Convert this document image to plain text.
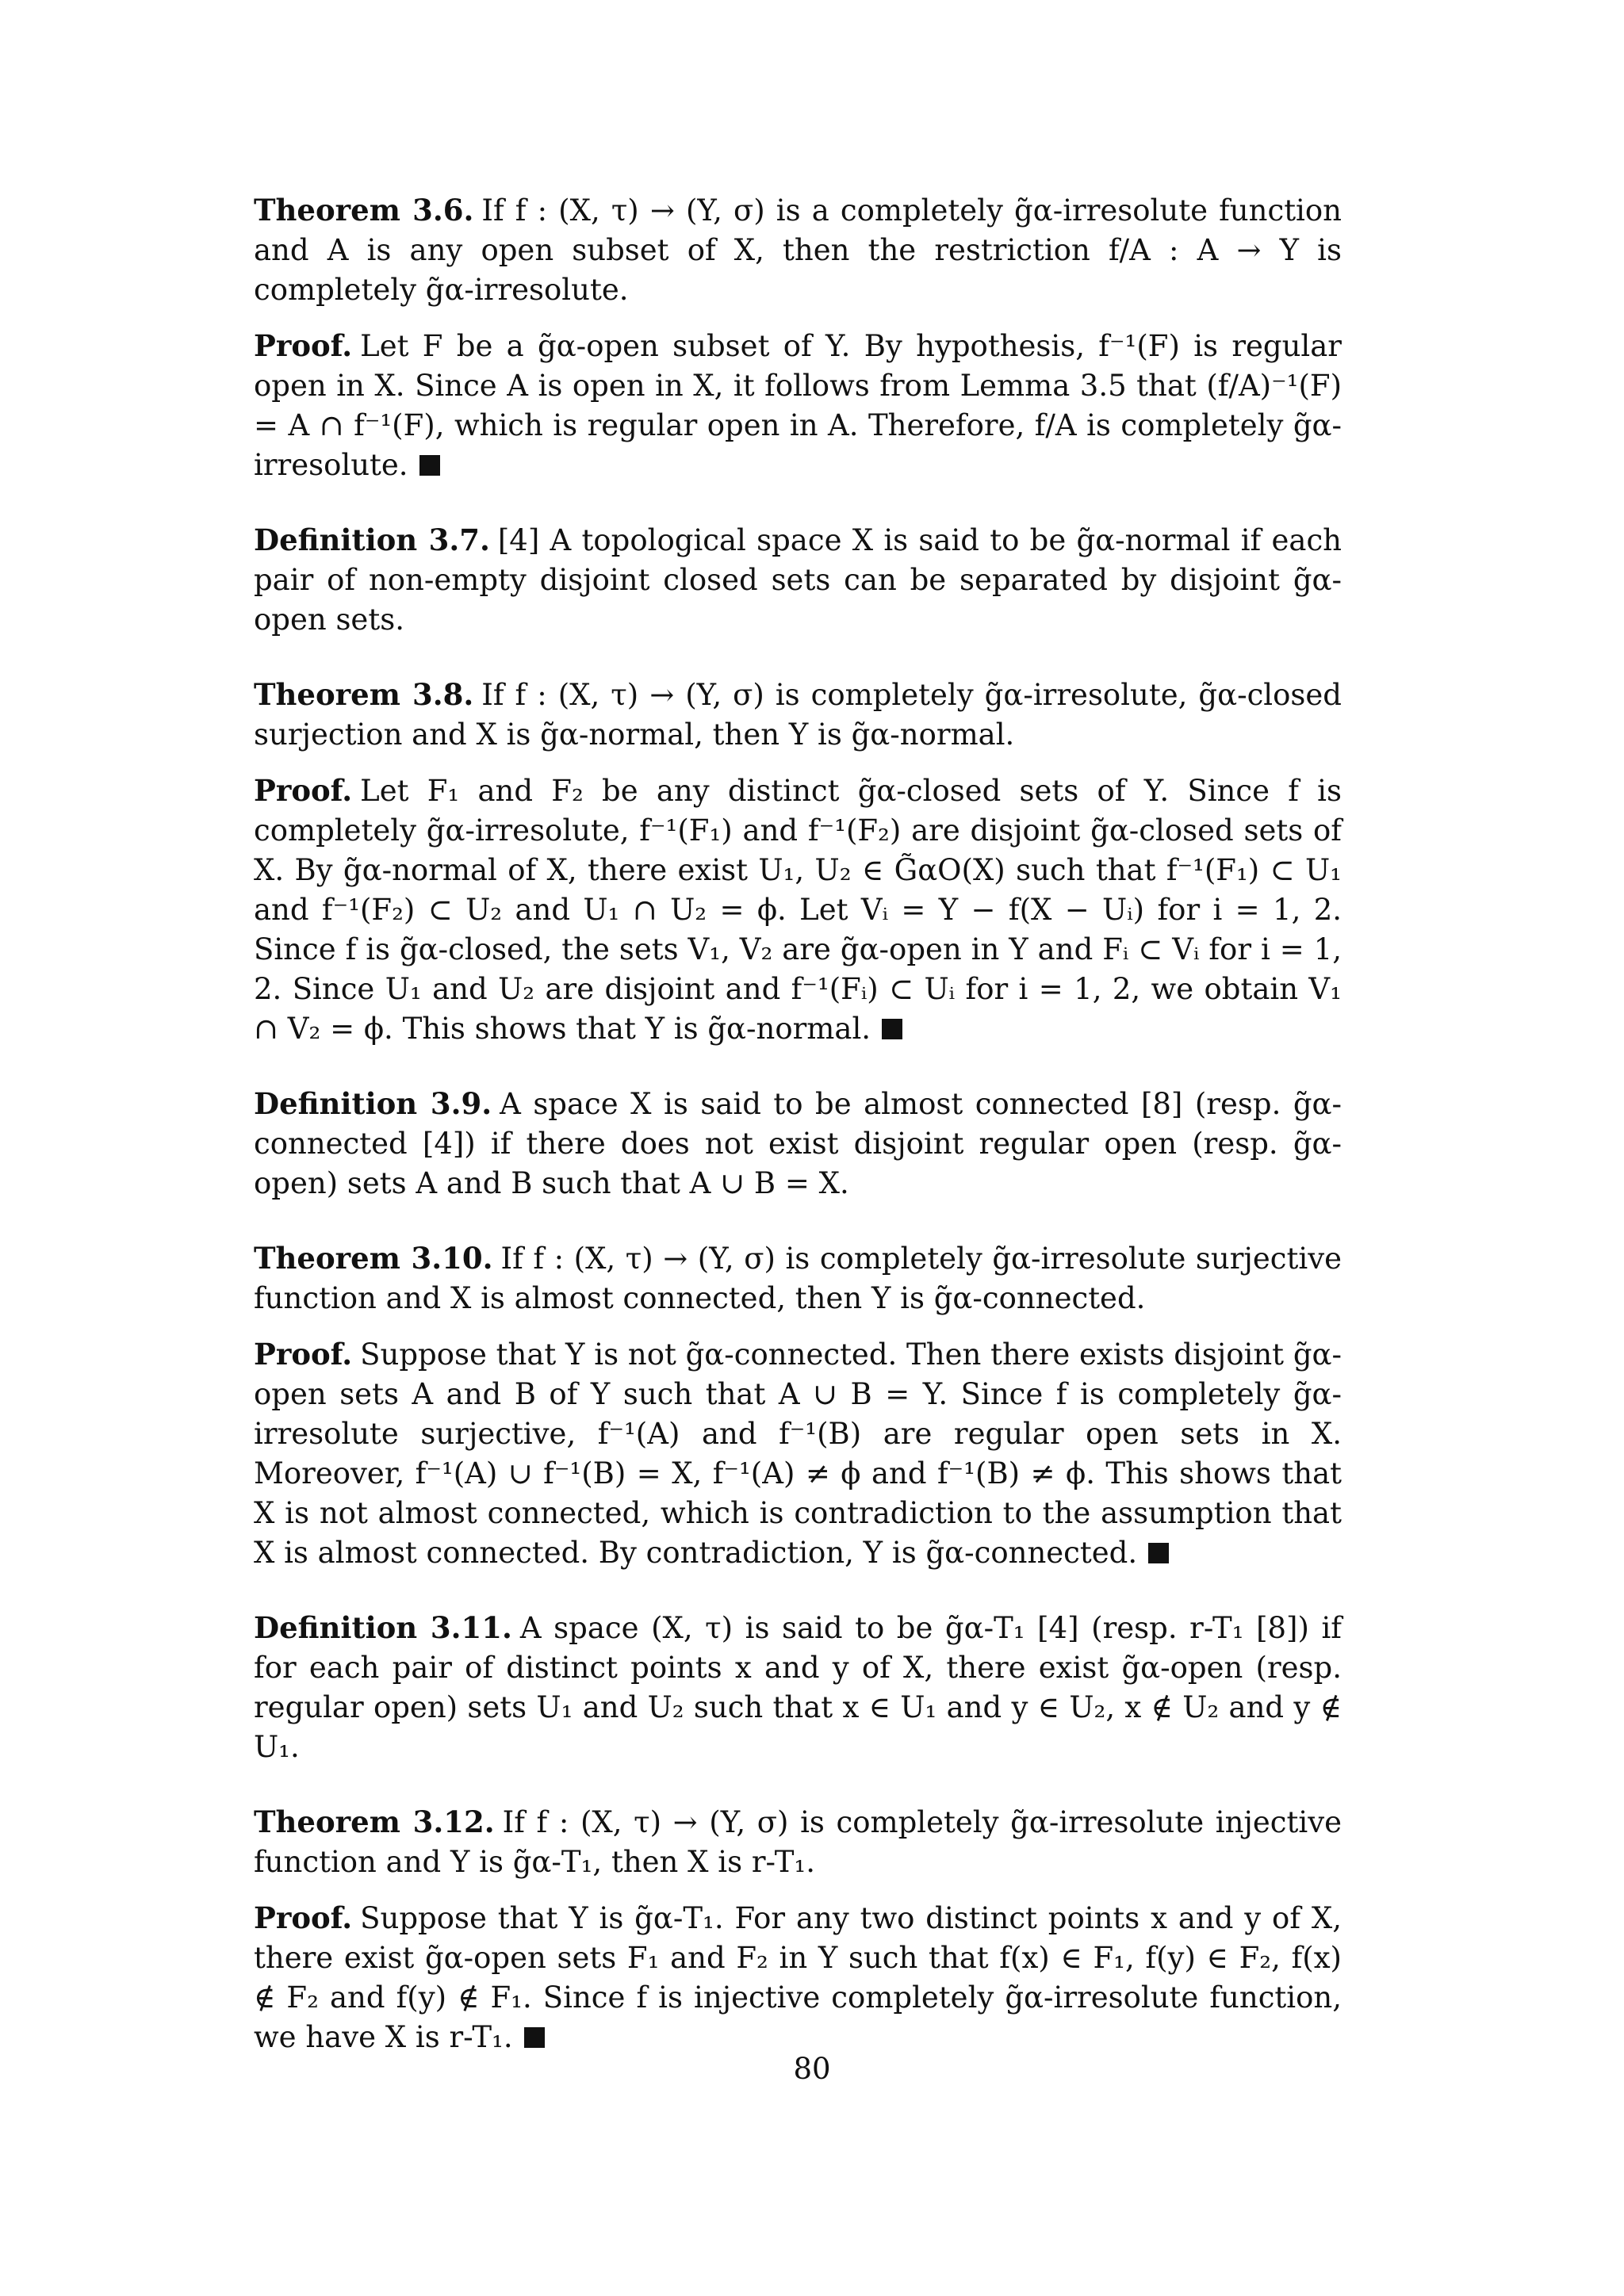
Theorem 3.6. If f : (X, τ) → (Y, σ) is a completely g̃α-irresolute function and A is any open subset of X, then the restriction f/A : A → Y is completely g̃α-irresolute.

Proof. Let F be a g̃α-open subset of Y. By hypothesis, f⁻¹(F) is regular open in X. Since A is open in X, it follows from Lemma 3.5 that (f/A)⁻¹(F) = A ∩ f⁻¹(F), which is regular open in A. Therefore, f/A is completely g̃α-irresolute.

Definition 3.7. [4] A topological space X is said to be g̃α-normal if each pair of non-empty disjoint closed sets can be separated by disjoint g̃α-open sets.

Theorem 3.8. If f : (X, τ) → (Y, σ) is completely g̃α-irresolute, g̃α-closed surjection and X is g̃α-normal, then Y is g̃α-normal.

Proof. Let F₁ and F₂ be any distinct g̃α-closed sets of Y. Since f is completely g̃α-irresolute, f⁻¹(F₁) and f⁻¹(F₂) are disjoint g̃α-closed sets of X. By g̃α-normal of X, there exist U₁, U₂ ∈ G̃αO(X) such that f⁻¹(F₁) ⊂ U₁ and f⁻¹(F₂) ⊂ U₂ and U₁ ∩ U₂ = ϕ. Let Vᵢ = Y − f(X − Uᵢ) for i = 1, 2. Since f is g̃α-closed, the sets V₁, V₂ are g̃α-open in Y and Fᵢ ⊂ Vᵢ for i = 1, 2. Since U₁ and U₂ are disjoint and f⁻¹(Fᵢ) ⊂ Uᵢ for i = 1, 2, we obtain V₁ ∩ V₂ = ϕ. This shows that Y is g̃α-normal.

Definition 3.9. A space X is said to be almost connected [8] (resp. g̃α-connected [4]) if there does not exist disjoint regular open (resp. g̃α-open) sets A and B such that A ∪ B = X.

Theorem 3.10. If f : (X, τ) → (Y, σ) is completely g̃α-irresolute surjective function and X is almost connected, then Y is g̃α-connected.

Proof. Suppose that Y is not g̃α-connected. Then there exists disjoint g̃α-open sets A and B of Y such that A ∪ B = Y. Since f is completely g̃α-irresolute surjective, f⁻¹(A) and f⁻¹(B) are regular open sets in X. Moreover, f⁻¹(A) ∪ f⁻¹(B) = X, f⁻¹(A) ≠ ϕ and f⁻¹(B) ≠ ϕ. This shows that X is not almost connected, which is contradiction to the assumption that X is almost connected. By contradiction, Y is g̃α-connected.

Definition 3.11. A space (X, τ) is said to be g̃α-T₁ [4] (resp. r-T₁ [8]) if for each pair of distinct points x and y of X, there exist g̃α-open (resp. regular open) sets U₁ and U₂ such that x ∈ U₁ and y ∈ U₂, x ∉ U₂ and y ∉ U₁.

Theorem 3.12. If f : (X, τ) → (Y, σ) is completely g̃α-irresolute injective function and Y is g̃α-T₁, then X is r-T₁.

Proof. Suppose that Y is g̃α-T₁. For any two distinct points x and y of X, there exist g̃α-open sets F₁ and F₂ in Y such that f(x) ∈ F₁, f(y) ∈ F₂, f(x) ∉ F₂ and f(y) ∉ F₁. Since f is injective completely g̃α-irresolute function, we have X is r-T₁.

80
